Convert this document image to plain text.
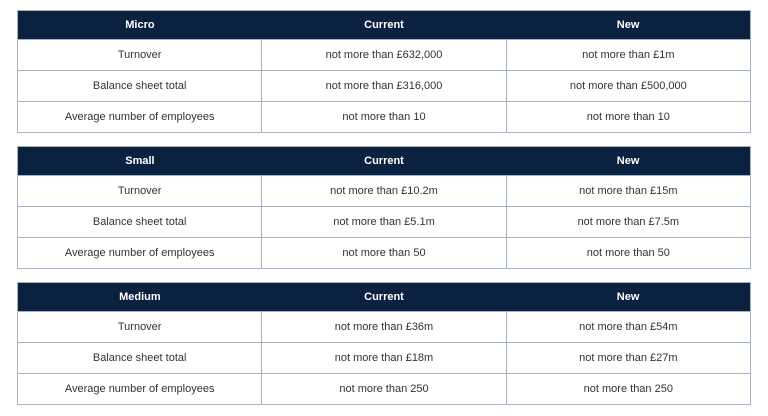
Micro	Current	New
Turnover	not more than £632,000	not more than £1m
Balance sheet total	not more than £316,000	not more than £500,000
Average number of employees	not more than 10	not more than 10
Small	Current	New
Turnover	not more than £10.2m	not more than £15m
Balance sheet total	not more than £5.1m	not more than £7.5m
Average number of employees	not more than 50	not more than 50
Medium	Current	New
Turnover	not more than £36m	not more than £54m
Balance sheet total	not more than £18m	not more than £27m
Average number of employees	not more than 250	not more than 250
